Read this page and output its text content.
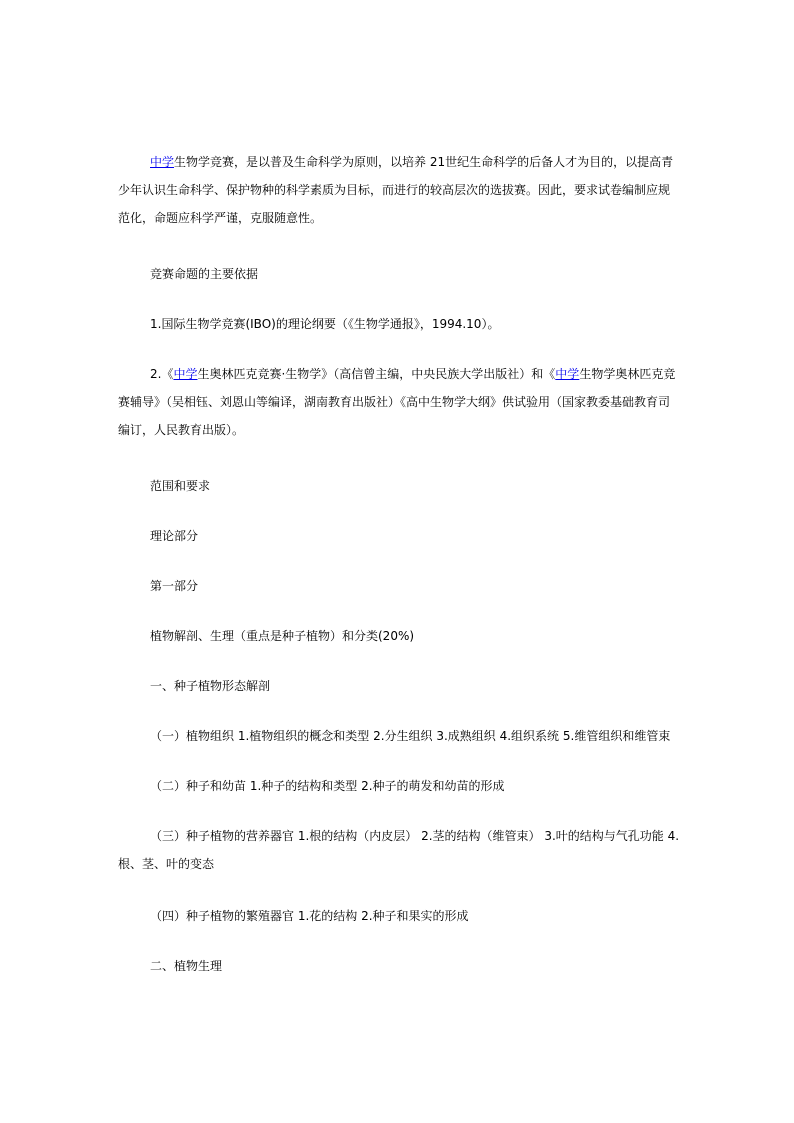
中学生物学竞赛，是以普及生命科学为原则，以培养 21世纪生命科学的后备人才为目的，以提高青少年认识生命科学、保护物种的科学素质为目标，而进行的较高层次的选拔赛。因此，要求试卷编制应规范化，命题应科学严谨，克服随意性。

竞赛命题的主要依据

1.国际生物学竞赛(IBO)的理论纲要（《生物学通报》，1994.10）。

2.《中学生奥林匹克竞赛·生物学》（高信曾主编，中央民族大学出版社）和《中学生物学奥林匹克竞赛辅导》（吴相钰、刘恩山等编译，湖南教育出版社）《高中生物学大纲》供试验用（国家教委基础教育司编订，人民教育出版）。

范围和要求

理论部分

第一部分

植物解剖、生理（重点是种子植物）和分类(20%)

一、种子植物形态解剖

（一）植物组织 1.植物组织的概念和类型 2.分生组织 3.成熟组织 4.组织系统 5.维管组织和维管束

（二）种子和幼苗 1.种子的结构和类型 2.种子的萌发和幼苗的形成

（三）种子植物的营养器官 1.根的结构（内皮层） 2.茎的结构（维管束） 3.叶的结构与气孔功能 4.根、茎、叶的变态

（四）种子植物的繁殖器官 1.花的结构 2.种子和果实的形成

二、植物生理
